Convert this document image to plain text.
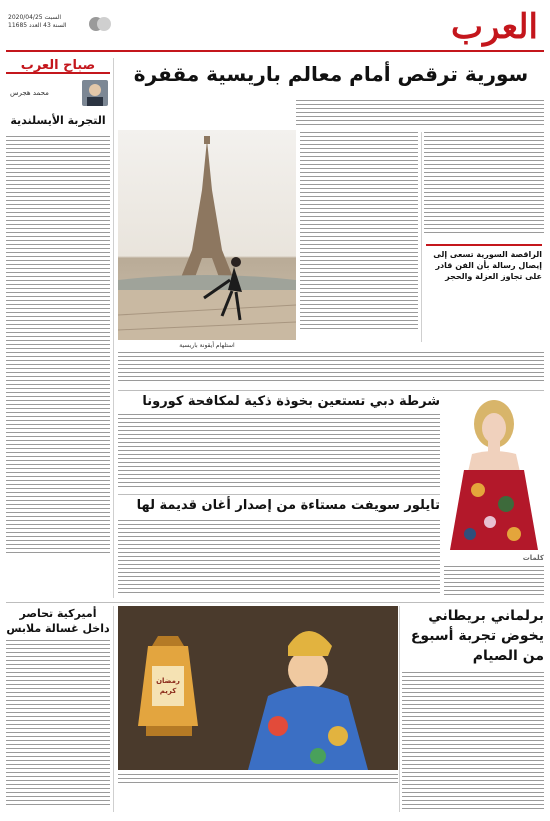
العرب
السبت 2020/04/25
السنة 43 العدد 11685
صباح العرب
محمد هجرس
التجربة الأيسلندية
سورية ترقص أمام معالم باريسية مقفرة
استلهام أيقونة باريسية
الراقصة السورية تسعى إلى إيصال رسالة بأن الفن قادر على تجاوز العزلة والحجر
شرطة دبي تستعين بخوذة ذكية لمكافحة كورونا
تايلور سويفت مستاءة من إصدار أغان قديمة لها
كلمات
أميركية تحاصر داخل غسالة ملابس
رمضان كريم
برلماني بريطاني يخوض تجربة أسبوع من الصيام
